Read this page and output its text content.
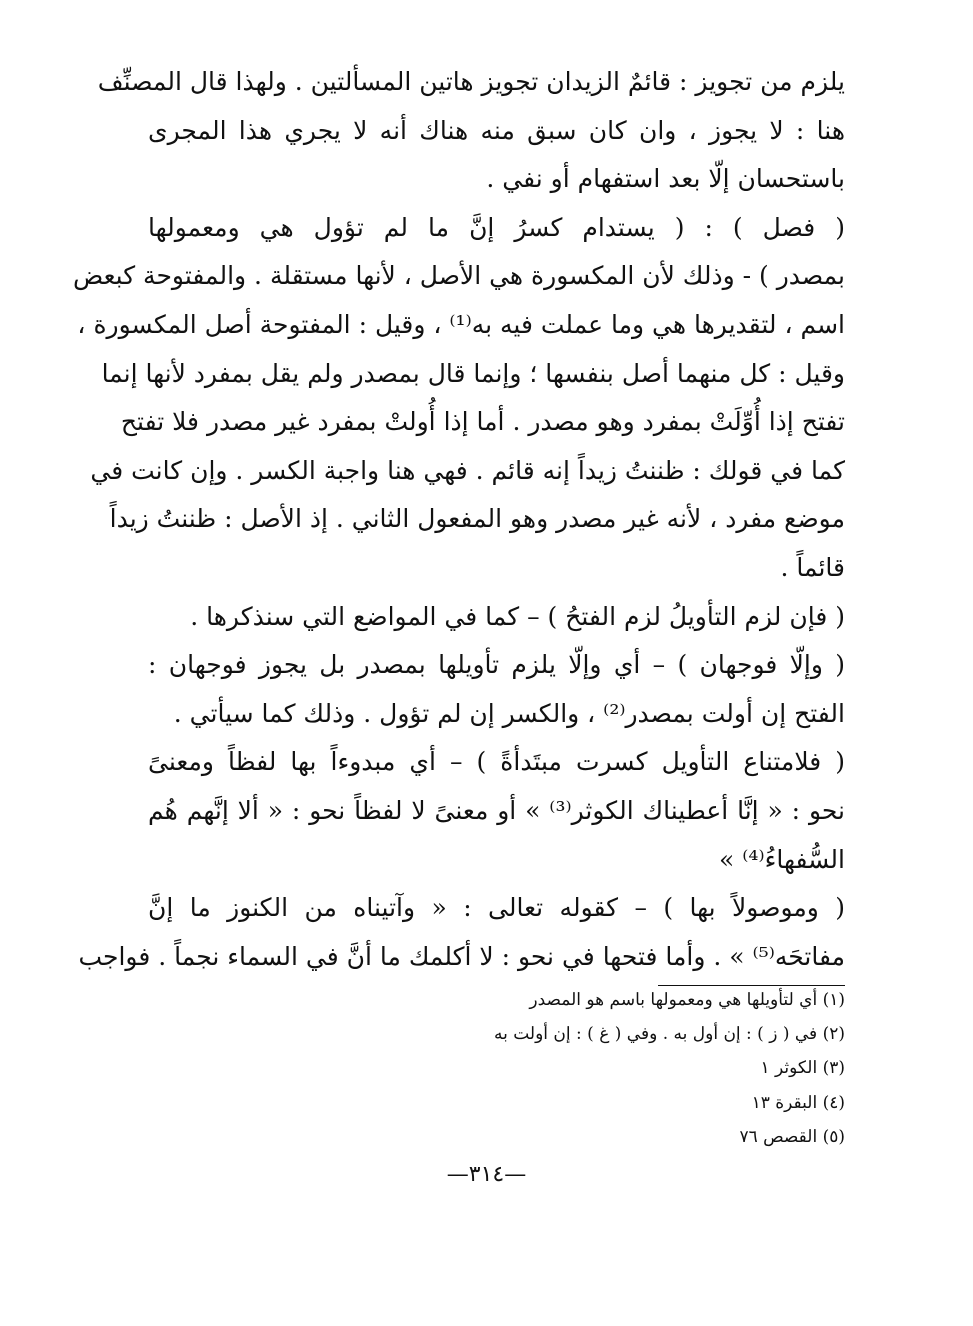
يلزم من تجويز : قائمٌ الزيدان تجويز هاتين المسألتين . ولهذا قال المصنِّف
هنا : لا يجوز ، وان كان سبق منه هناك أنه لا يجري هذا المجرى
باستحسان إلّا بعد استفهام أو نفي .
( فصل ) : ( يستدام كسرُ إنَّ ما لم تؤول هي ومعمولها
بمصدر ) - وذلك لأن المكسورة هي الأصل ، لأنها مستقلة . والمفتوحة كبعض
اسم ، لتقديرها هي وما عملت فيه به⁽¹⁾ ، وقيل : المفتوحة أصل المكسورة ،
وقيل : كل منهما أصل بنفسها ؛ وإنما قال بمصدر ولم يقل بمفرد لأنها إنما
تفتح إذا أُوِّلَتْ بمفرد وهو مصدر . أما إذا أُولتْ بمفرد غير مصدر فلا تفتح
كما في قولك : ظننتُ زيداً إنه قائم . فهي هنا واجبة الكسر . وإن كانت في
موضع مفرد ، لأنه غير مصدر وهو المفعول الثاني . إذ الأصل : ظننتُ زيداً
قائماً .
( فإن لزم التأويلُ لزم الفتحُ ) – كما في المواضع التي سنذكرها .
( وإلّا فوجهان ) – أي وإلّا يلزم تأويلها بمصدر بل يجوز فوجهان :
الفتح إن أولت بمصدر⁽²⁾ ، والكسر إن لم تؤول . وذلك كما سيأتي .
( فلامتناع التأويل كسرت مبتَدأةً ) – أي مبدوءاً بها لفظاً ومعنىً
نحو : « إنَّا أعطيناك الكوثر⁽³⁾ » أو معنىً لا لفظاً نحو : « ألا إنَّهم هُم
السُّفهاءُ⁽⁴⁾ »
( وموصولاً بها ) – كقوله تعالى : « وآتيناه من الكنوز ما إنَّ
مفاتحَه⁽⁵⁾ » . وأما فتحها في نحو : لا أكلمك ما أنَّ في السماء نجماً . فواجب
(١) أي لتأويلها هي ومعمولها باسم هو المصدر
(٢) في ( ز ) : إن أول به . وفي ( غ ) : إن أولت به
(٣) الكوثر ١
(٤) البقرة ١٣
(٥) القصص ٧٦
—٣١٤—
